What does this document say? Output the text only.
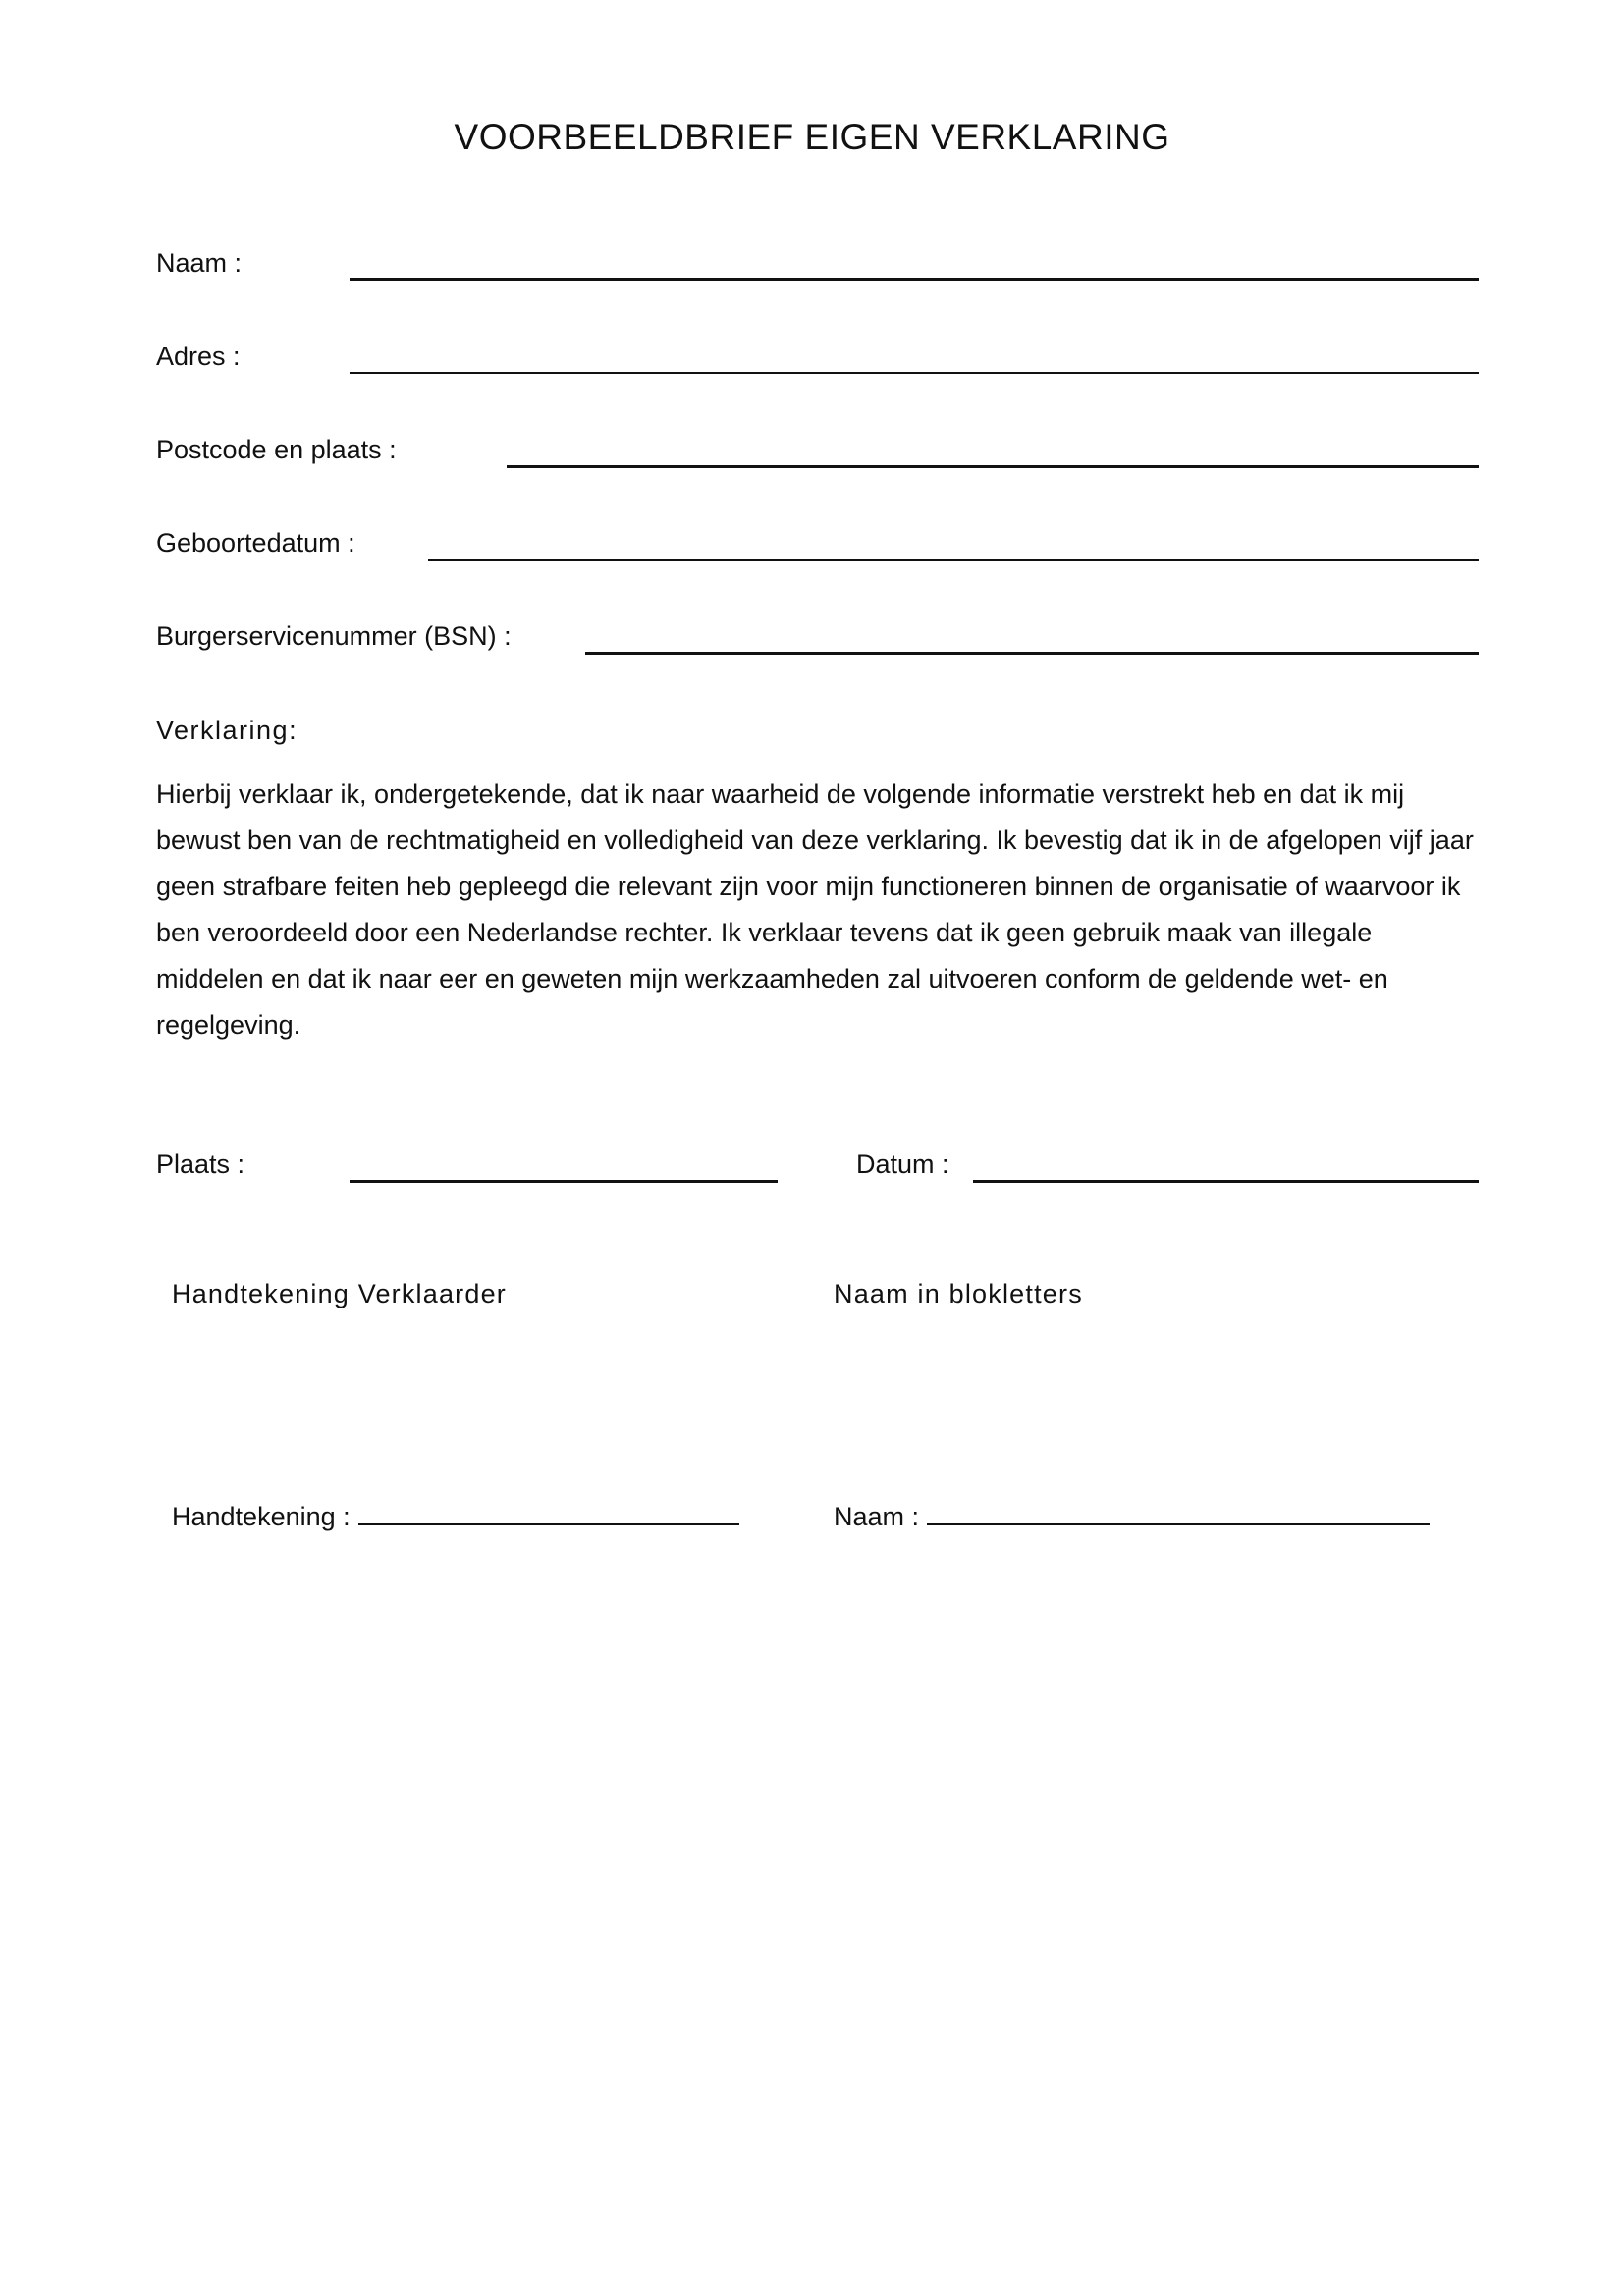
VOORBEELDBRIEF EIGEN VERKLARING
Naam :
Adres :
Postcode en plaats :
Geboortedatum :
Burgerservicenummer (BSN) :
Verklaring:

Hierbij verklaar ik, ondergetekende, dat ik naar waarheid de volgende informatie verstrekt heb en dat ik mij bewust ben van de rechtmatigheid en volledigheid van deze verklaring. Ik bevestig dat ik in de afgelopen vijf jaar geen strafbare feiten heb gepleegd die relevant zijn voor mijn functioneren binnen de organisatie of waarvoor ik ben veroordeeld door een Nederlandse rechter. Ik verklaar tevens dat ik geen gebruik maak van illegale middelen en dat ik naar eer en geweten mijn werkzaamheden zal uitvoeren conform de geldende wet- en regelgeving.

Plaats :	Datum :
Handtekening Verklaarder	Naam in blokletters
Handtekening :	Naam :
